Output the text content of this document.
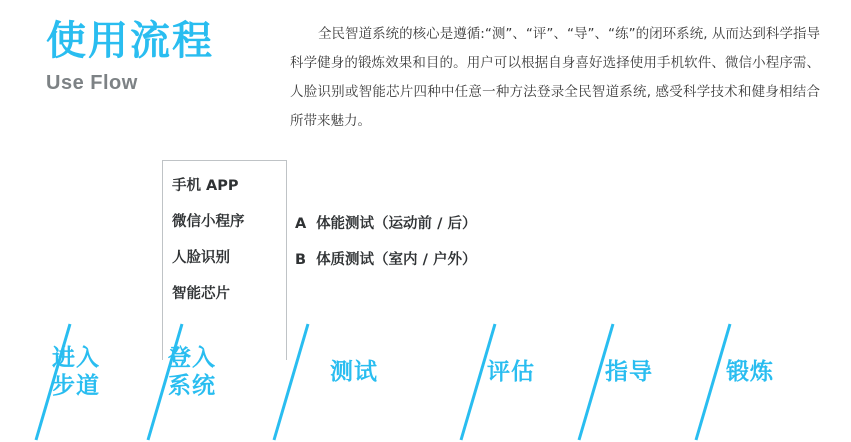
使用流程
Use Flow
全民智道系统的核心是遵循:“测”、“评”、“导”、“练”的闭环系统, 从而达到科学指导科学健身的锻炼效果和目的。用户可以根据自身喜好选择使用手机软件、微信小程序需、人脸识别或智能芯片四种中任意一种方法登录全民智道系统, 感受科学技术和健身相结合所带来魅力。
手机 APP
微信小程序
人脸识别
智能芯片
A 体能测试（运动前 / 后）
B 体质测试（室内 / 户外）
进入
步道
登入
系统
测试	评估	指导	锻炼
